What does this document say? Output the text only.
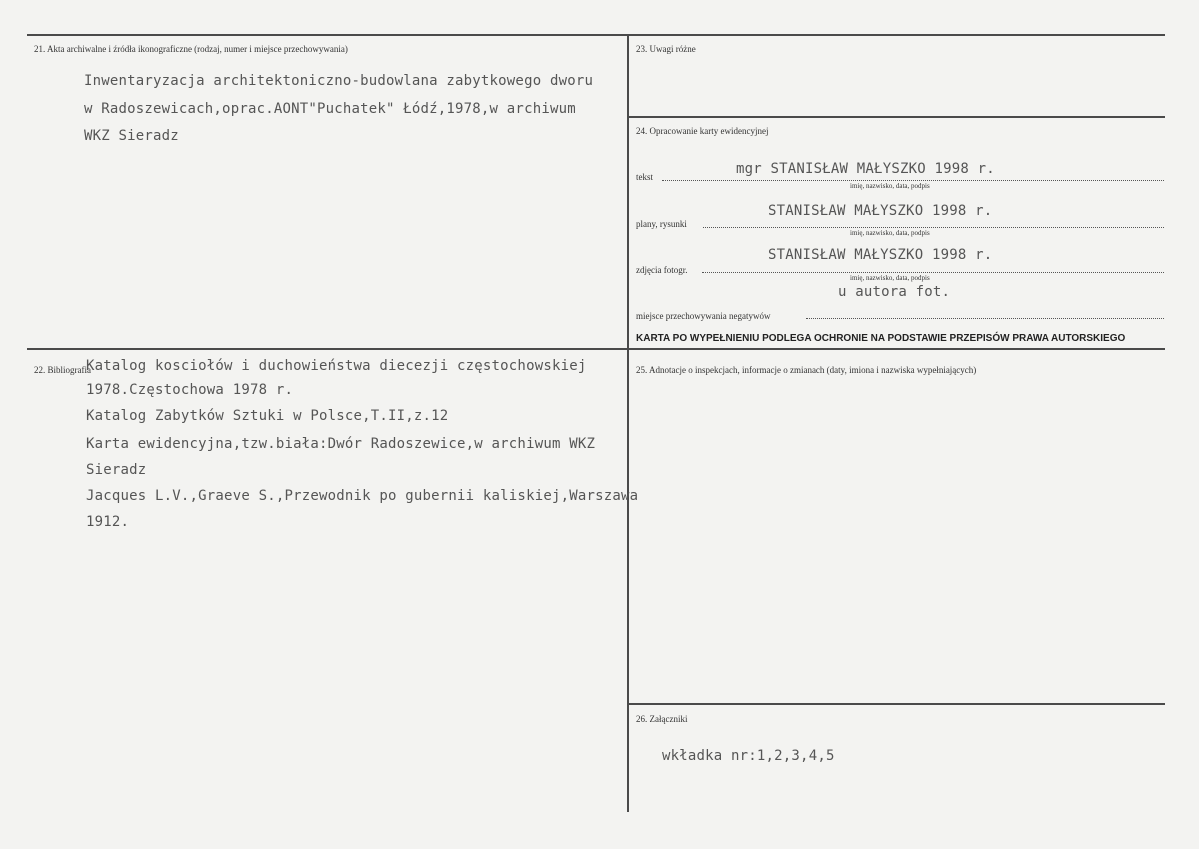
21. Akta archiwalne i źródła ikonograficzne (rodzaj, numer i miejsce przechowywania)
Inwentaryzacja architektoniczno-budowlana zabytkowego dworu
w Radoszewicach,oprac.AONT"Puchatek" Łódź,1978,w archiwum
WKZ Sieradz
22. Bibliografia
Katalog kosciołów i duchowieństwa diecezji częstochowskiej
1978.Częstochowa 1978 r.
Katalog Zabytków Sztuki w Polsce,T.II,z.12
Karta ewidencyjna,tzw.biała:Dwór Radoszewice,w archiwum WKZ
Sieradz
Jacques L.V.,Graeve S.,Przewodnik po gubernii kaliskiej,Warszawa
1912.
23. Uwagi różne
24. Opracowanie karty ewidencyjnej
mgr STANISŁAW MAŁYSZKO 1998 r.
tekst
imię, nazwisko, data, podpis
STANISŁAW MAŁYSZKO 1998 r.
plany, rysunki
imię, nazwisko, data, podpis
STANISŁAW MAŁYSZKO 1998 r.
zdjęcia fotogr.
imię, nazwisko, data, podpis
u autora fot.
miejsce przechowywania negatywów
KARTA PO WYPEŁNIENIU PODLEGA OCHRONIE NA PODSTAWIE PRZEPISÓW PRAWA AUTORSKIEGO
25. Adnotacje o inspekcjach, informacje o zmianach (daty, imiona i nazwiska wypełniających)
26. Załączniki
wkładka nr:1,2,3,4,5
